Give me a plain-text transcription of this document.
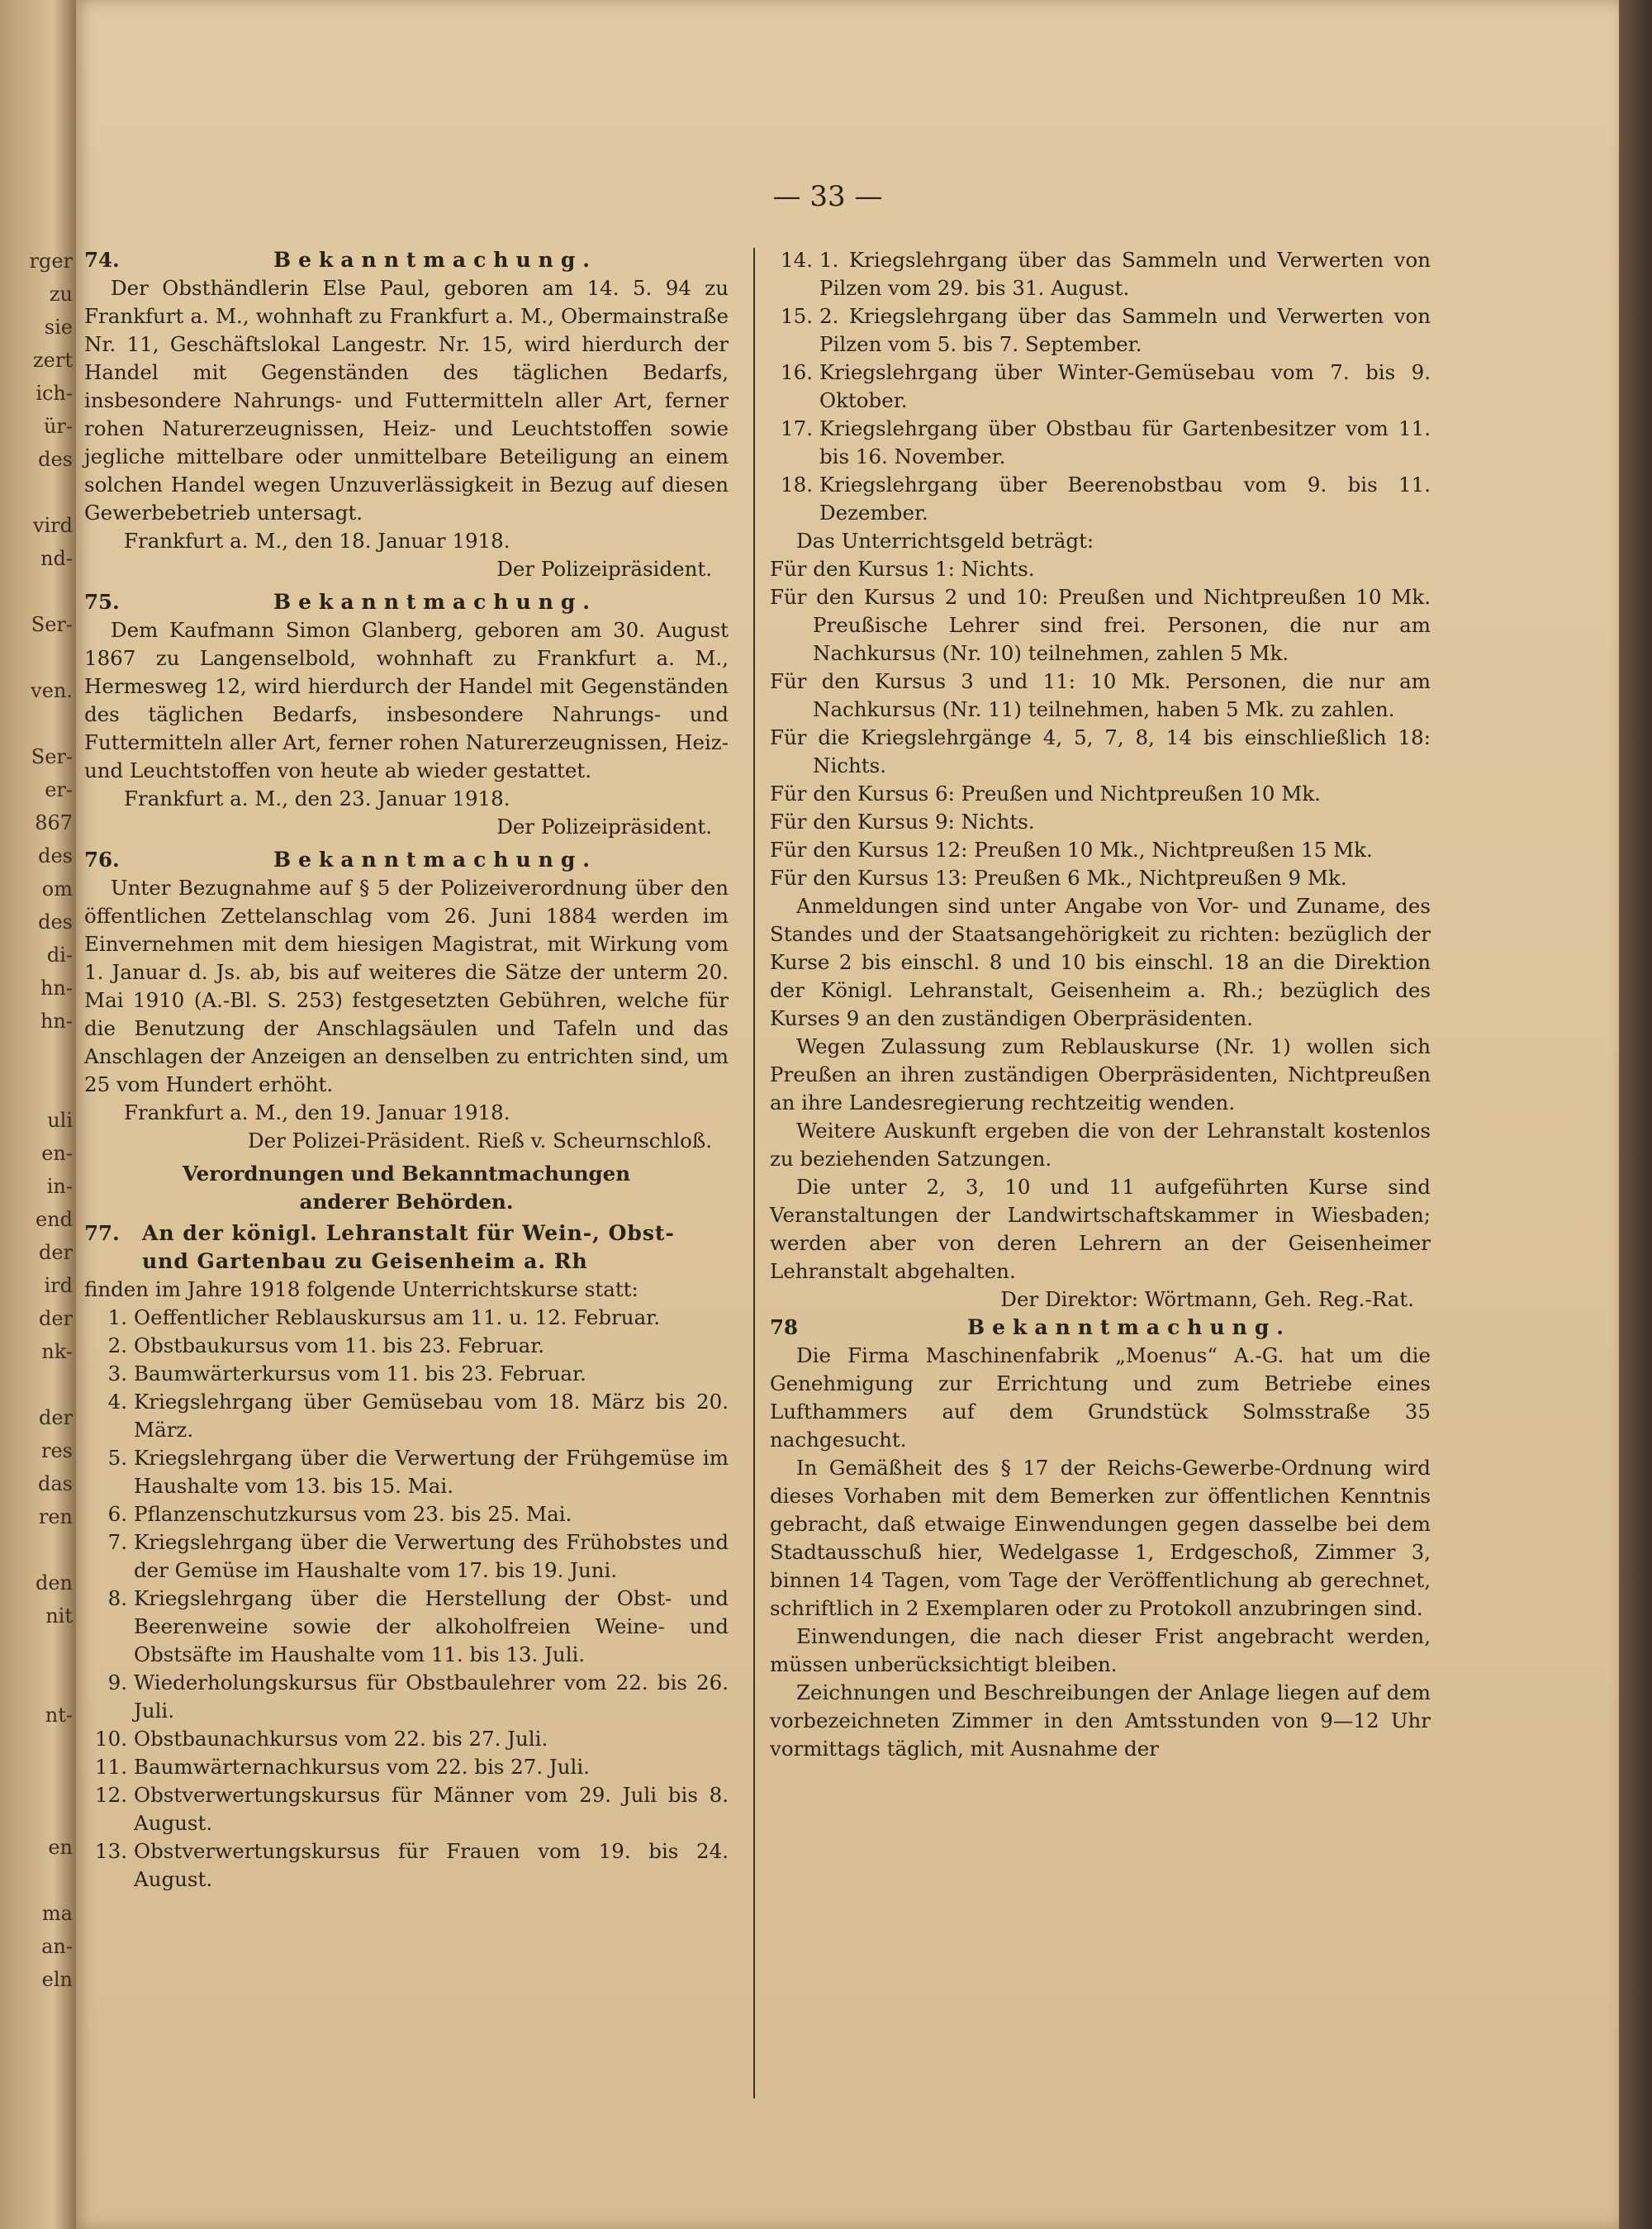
rger
zu
sie
zert
ich-
ür-
des
vird
nd-
Ser-
ven.
Ser-
er-
867
des
om
des
di-
hn-
hn-
uli
en-
in-
end
der
ird
der
nk-
der
res
das
ren
den
nit
nt-
en
ma
an-
eln
— 33 —
74.	Bekanntmachung.

Der Obsthändlerin Else Paul, geboren am 14. 5. 94 zu Frankfurt a. M., wohnhaft zu Frankfurt a. M., Obermainstraße Nr. 11, Geschäftslokal Langestr. Nr. 15, wird hierdurch der Handel mit Gegenständen des täglichen Bedarfs, insbesondere Nahrungs- und Futtermitteln aller Art, ferner rohen Naturerzeugnissen, Heiz- und Leuchtstoffen sowie jegliche mittelbare oder unmittelbare Beteiligung an einem solchen Handel wegen Unzuverlässigkeit in Bezug auf diesen Gewerbebetrieb untersagt.

Frankfurt a. M., den 18. Januar 1918.

Der Polizeipräsident.
75.	Bekanntmachung.

Dem Kaufmann Simon Glanberg, geboren am 30. August 1867 zu Langenselbold, wohnhaft zu Frankfurt a. M., Hermesweg 12, wird hierdurch der Handel mit Gegenständen des täglichen Bedarfs, insbesondere Nahrungs- und Futtermitteln aller Art, ferner rohen Naturerzeugnissen, Heiz- und Leuchtstoffen von heute ab wieder gestattet.

Frankfurt a. M., den 23. Januar 1918.

Der Polizeipräsident.
76.	Bekanntmachung.

Unter Bezugnahme auf § 5 der Polizeiverordnung über den öffentlichen Zettelanschlag vom 26. Juni 1884 werden im Einvernehmen mit dem hiesigen Magistrat, mit Wirkung vom 1. Januar d. Js. ab, bis auf weiteres die Sätze der unterm 20. Mai 1910 (A.-Bl. S. 253) festgesetzten Gebühren, welche für die Benutzung der Anschlagsäulen und Tafeln und das Anschlagen der Anzeigen an denselben zu entrichten sind, um 25 vom Hundert erhöht.

Frankfurt a. M., den 19. Januar 1918.

Der Polizei-Präsident. Rieß v. Scheurnschloß.
Verordnungen und Bekanntmachungen
anderer Behörden.
77.	An der königl. Lehranstalt für Wein-, Obst- und Gartenbau zu Geisenheim a. Rh

finden im Jahre 1918 folgende Unterrichtskurse statt:

1. Oeffentlicher Reblauskursus am 11. u. 12. Februar.
2. Obstbaukursus vom 11. bis 23. Februar.
3. Baumwärterkursus vom 11. bis 23. Februar.
4. Kriegslehrgang über Gemüsebau vom 18. März bis 20. März.
5. Kriegslehrgang über die Verwertung der Frühgemüse im Haushalte vom 13. bis 15. Mai.
6. Pflanzenschutzkursus vom 23. bis 25. Mai.
7. Kriegslehrgang über die Verwertung des Frühobstes und der Gemüse im Haushalte vom 17. bis 19. Juni.
8. Kriegslehrgang über die Herstellung der Obst- und Beerenweine sowie der alkoholfreien Weine- und Obstsäfte im Haushalte vom 11. bis 13. Juli.
9. Wiederholungskursus für Obstbaulehrer vom 22. bis 26. Juli.
10. Obstbaunachkursus vom 22. bis 27. Juli.
11. Baumwärternachkursus vom 22. bis 27. Juli.
12. Obstverwertungskursus für Männer vom 29. Juli bis 8. August.
13. Obstverwertungskursus für Frauen vom 19. bis 24. August.
14. 1. Kriegslehrgang über das Sammeln und Verwerten von Pilzen vom 29. bis 31. August.
15. 2. Kriegslehrgang über das Sammeln und Verwerten von Pilzen vom 5. bis 7. September.
16. Kriegslehrgang über Winter-Gemüsebau vom 7. bis 9. Oktober.
17. Kriegslehrgang über Obstbau für Gartenbesitzer vom 11. bis 16. November.
18. Kriegslehrgang über Beerenobstbau vom 9. bis 11. Dezember.

Das Unterrichtsgeld beträgt:

Für den Kursus 1: Nichts.

Für den Kursus 2 und 10: Preußen und Nichtpreußen 10 Mk. Preußische Lehrer sind frei. Personen, die nur am Nachkursus (Nr. 10) teilnehmen, zahlen 5 Mk.

Für den Kursus 3 und 11: 10 Mk. Personen, die nur am Nachkursus (Nr. 11) teilnehmen, haben 5 Mk. zu zahlen.

Für die Kriegslehrgänge 4, 5, 7, 8, 14 bis einschließlich 18: Nichts.

Für den Kursus 6: Preußen und Nichtpreußen 10 Mk.

Für den Kursus 9: Nichts.

Für den Kursus 12: Preußen 10 Mk., Nichtpreußen 15 Mk.

Für den Kursus 13: Preußen 6 Mk., Nichtpreußen 9 Mk.

Anmeldungen sind unter Angabe von Vor- und Zuname, des Standes und der Staatsangehörigkeit zu richten: bezüglich der Kurse 2 bis einschl. 8 und 10 bis einschl. 18 an die Direktion der Königl. Lehranstalt, Geisenheim a. Rh.; bezüglich des Kurses 9 an den zuständigen Oberpräsidenten.

Wegen Zulassung zum Reblauskurse (Nr. 1) wollen sich Preußen an ihren zuständigen Oberpräsidenten, Nichtpreußen an ihre Landesregierung rechtzeitig wenden.

Weitere Auskunft ergeben die von der Lehranstalt kostenlos zu beziehenden Satzungen.

Die unter 2, 3, 10 und 11 aufgeführten Kurse sind Veranstaltungen der Landwirtschaftskammer in Wiesbaden; werden aber von deren Lehrern an der Geisenheimer Lehranstalt abgehalten.

Der Direktor: Wörtmann, Geh. Reg.-Rat.
78	Bekanntmachung.

Die Firma Maschinenfabrik „Moenus“ A.-G. hat um die Genehmigung zur Errichtung und zum Betriebe eines Lufthammers auf dem Grundstück Solmsstraße 35 nachgesucht.

In Gemäßheit des § 17 der Reichs-Gewerbe-Ordnung wird dieses Vorhaben mit dem Bemerken zur öffentlichen Kenntnis gebracht, daß etwaige Einwendungen gegen dasselbe bei dem Stadtausschuß hier, Wedelgasse 1, Erdgeschoß, Zimmer 3, binnen 14 Tagen, vom Tage der Veröffentlichung ab gerechnet, schriftlich in 2 Exemplaren oder zu Protokoll anzubringen sind.

Einwendungen, die nach dieser Frist angebracht werden, müssen unberücksichtigt bleiben.

Zeichnungen und Beschreibungen der Anlage liegen auf dem vorbezeichneten Zimmer in den Amtsstunden von 9—12 Uhr vormittags täglich, mit Ausnahme der
